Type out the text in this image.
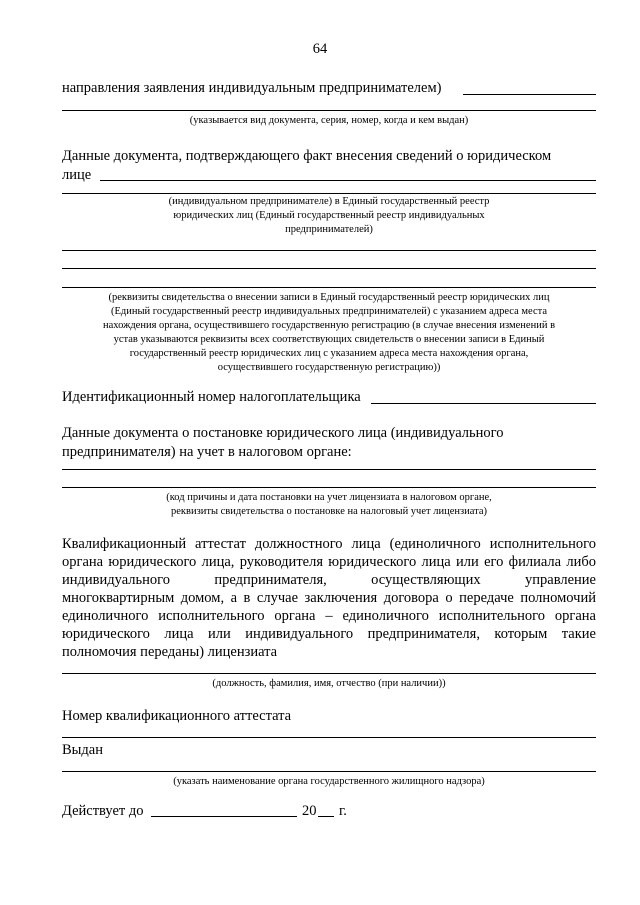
64
направления заявления индивидуальным предпринимателем)
(указывается вид документа, серия, номер, когда и кем выдан)
Данные документа, подтверждающего факт внесения сведений о юридическом
лице
(индивидуальном предпринимателе) в Единый государственный реестр
юридических лиц (Единый государственный реестр индивидуальных
предпринимателей)
(реквизиты свидетельства о внесении записи в Единый государственный реестр юридических лиц
(Единый государственный реестр индивидуальных предпринимателей) с указанием адреса места
нахождения органа, осуществившего государственную регистрацию (в случае внесения изменений в
устав указываются реквизиты всех соответствующих свидетельств о внесении записи в Единый
государственный реестр юридических лиц с указанием адреса места нахождения органа,
осуществившего государственную регистрацию))
Идентификационный номер налогоплательщика
Данные документа о постановке юридического лица (индивидуального
предпринимателя) на учет в налоговом органе:
(код причины и дата постановки на учет лицензиата в налоговом органе,
реквизиты свидетельства о постановке на налоговый учет лицензиата)
Квалификационный аттестат должностного лица (единоличного исполнительного
органа юридического лица, руководителя юридического лица или его филиала либо
индивидуального предпринимателя, осуществляющих управление
многоквартирным домом, а в случае заключения договора о передаче полномочий
единоличного исполнительного органа – единоличного исполнительного органа
юридического лица или индивидуального предпринимателя, которым такие
полномочия переданы) лицензиата
(должность, фамилия, имя, отчество (при наличии))
Номер квалификационного аттестата
Выдан
(указать наименование органа государственного жилищного надзора)
Действует до	20 г.
